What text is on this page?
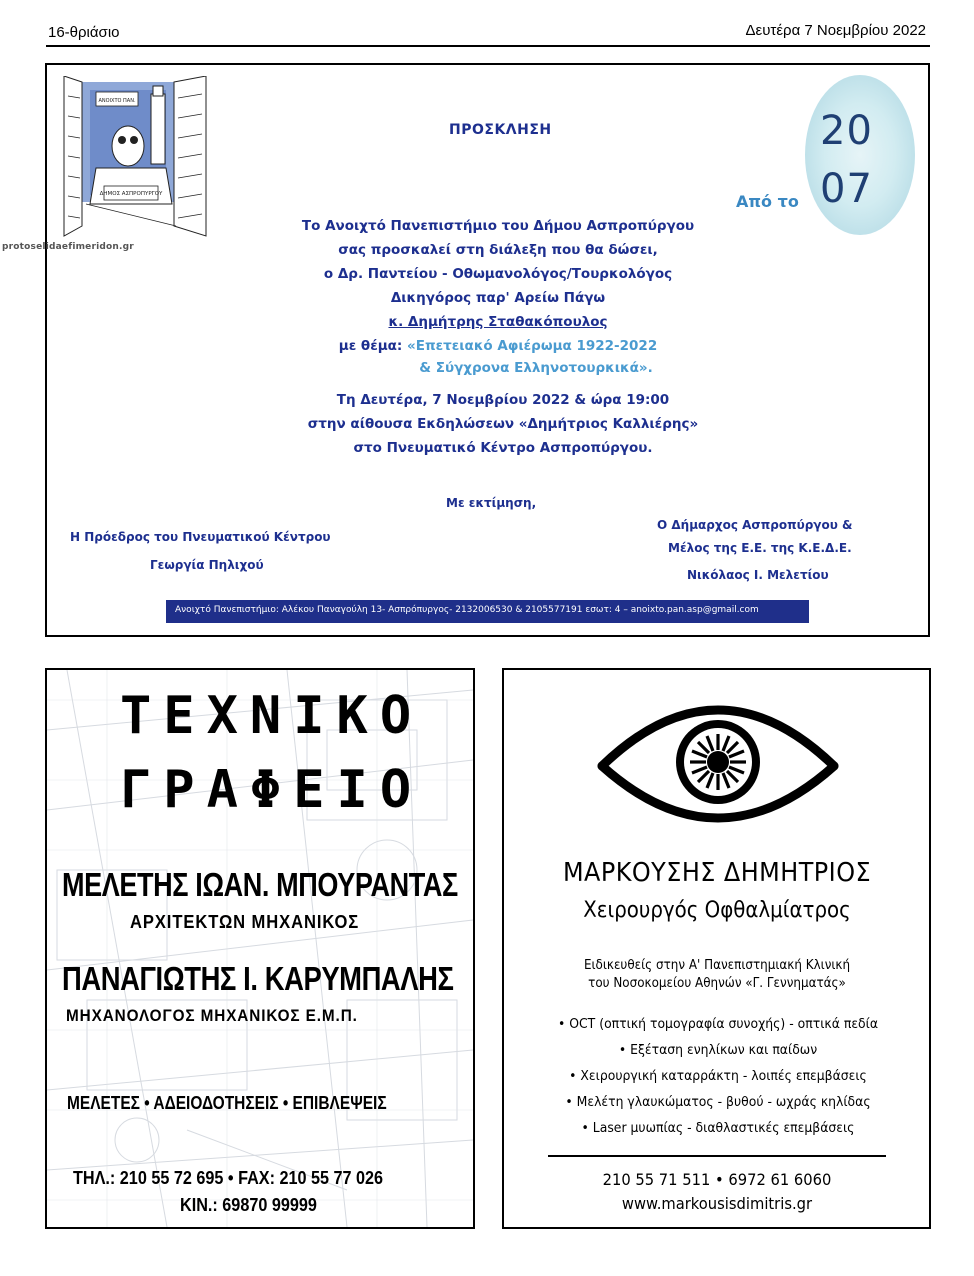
16-θριάσιο	Δευτέρα 7 Νοεμβρίου 2022
protoselidaefimeridon.gr
ΑΝΟΙΧΤΟ ΠΑΝ.
ΔΗΜΟΣ ΑΣΠΡΟΠΥΡΓΟΥ
ΠΡΟΣΚΛΗΣΗ	20
07
Από το
Το Ανοιχτό Πανεπιστήμιο του Δήμου Ασπροπύργου
σας προσκαλεί στη διάλεξη που θα δώσει,
ο Δρ. Παντείου - Οθωμανολόγος/Τουρκολόγος
Δικηγόρος παρ' Αρείω Πάγω
κ. Δημήτρης Σταθακόπουλος
με θέμα: «Επετειακό Αφιέρωμα 1922-2022
& Σύγχρονα Ελληνοτουρκικά».
Τη Δευτέρα, 7 Νοεμβρίου 2022 & ώρα 19:00
στην αίθουσα Εκδηλώσεων «Δημήτριος Καλλιέρης»
στο Πνευματικό Κέντρο Ασπροπύργου.
Με εκτίμηση,
Η Πρόεδρος του Πνευματικού Κέντρου
Γεωργία Πηλιχού
Ο Δήμαρχος Ασπροπύργου &
Μέλος της Ε.Ε. της Κ.Ε.Δ.Ε.
Νικόλαος Ι. Μελετίου
Ανοιχτό Πανεπιστήμιο: Αλέκου Παναγούλη 13- Ασπρόπυργος- 2132006530 & 2105577191 εσωτ: 4 – anoixto.pan.asp@gmail.com
ΤΕΧΝΙΚΟ
ΓΡΑΦΕΙΟ
ΜΕΛΕΤΗΣ ΙΩΑΝ. ΜΠΟΥΡΑΝΤΑΣ
ΑΡΧΙΤΕΚΤΩΝ ΜΗΧΑΝΙΚΟΣ
ΠΑΝΑΓΙΩΤΗΣ Ι. ΚΑΡΥΜΠΑΛΗΣ
ΜΗΧΑΝΟΛΟΓΟΣ ΜΗΧΑΝΙΚΟΣ Ε.Μ.Π.
ΜΕΛΕΤΕΣ • ΑΔΕΙΟΔΟΤΗΣΕΙΣ • ΕΠΙΒΛΕΨΕΙΣ
ΤΗΛ.: 210 55 72 695 • FAX: 210 55 77 026
ΚΙΝ.: 69870 99999
ΜΑΡΚΟΥΣΗΣ ΔΗΜΗΤΡΙΟΣ
Χειρουργός Οφθαλμίατρος
Ειδικευθείς στην Α' Πανεπιστημιακή Κλινική
του Νοσοκομείου Αθηνών «Γ. Γεννηματάς»
• OCT (οπτική τομογραφία συνοχής) - οπτικά πεδία
• Εξέταση ενηλίκων και παίδων
• Χειρουργική καταρράκτη - λοιπές επεμβάσεις
• Μελέτη γλαυκώματος - βυθού - ωχράς κηλίδας
• Laser μυωπίας - διαθλαστικές επεμβάσεις
210 55 71 511 • 6972 61 6060
www.markousisdimitris.gr
